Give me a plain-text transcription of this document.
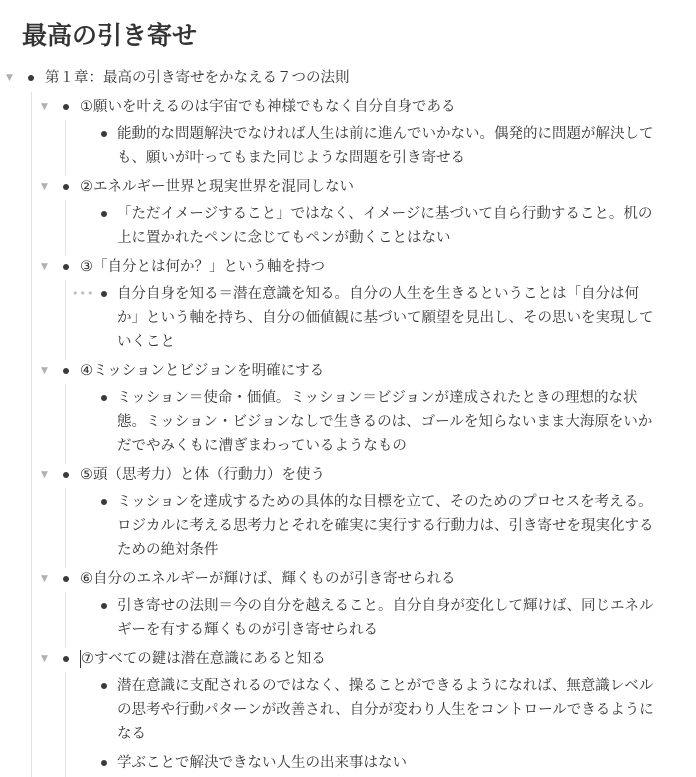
最高の引き寄せ
▼ 第１章：最高の引き寄せをかなえる７つの法則
▼ ①願いを叶えるのは宇宙でも神様でもなく自分自身である
能動的な問題解決でなければ人生は前に進んでいかない。偶発的に問題が解決して
も、願いが叶ってもまた同じような問題を引き寄せる
▼ ②エネルギー世界と現実世界を混同しない
「ただイメージすること」ではなく、イメージに基づいて自ら行動すること。机の
上に置かれたペンに念じてもペンが動くことはない
▼ ③「自分とは何か？」という軸を持つ
••• 自分自身を知る＝潜在意識を知る。自分の人生を生きるということは「自分は何
か」という軸を持ち、自分の価値観に基づいて願望を見出し、その思いを実現して
いくこと
▼ ④ミッションとビジョンを明確にする
ミッション＝使命・価値。ミッション＝ビジョンが達成されたときの理想的な状
態。ミッション・ビジョンなしで生きるのは、ゴールを知らないまま大海原をいか
だでやみくもに漕ぎまわっているようなもの
▼ ⑤頭（思考力）と体（行動力）を使う
ミッションを達成するための具体的な目標を立て、そのためのプロセスを考える。
ロジカルに考える思考力とそれを確実に実行する行動力は、引き寄せを現実化する
ための絶対条件
▼ ⑥自分のエネルギーが輝けば、輝くものが引き寄せられる
引き寄せの法則＝今の自分を越えること。自分自身が変化して輝けば、同じエネル
ギーを有する輝くものが引き寄せられる
▼ ⑦すべての鍵は潜在意識にあると知る
潜在意識に支配されるのではなく、操ることができるようになれば、無意識レベル
の思考や行動パターンが改善され、自分が変わり人生をコントロールできるように
なる
学ぶことで解決できない人生の出来事はない
